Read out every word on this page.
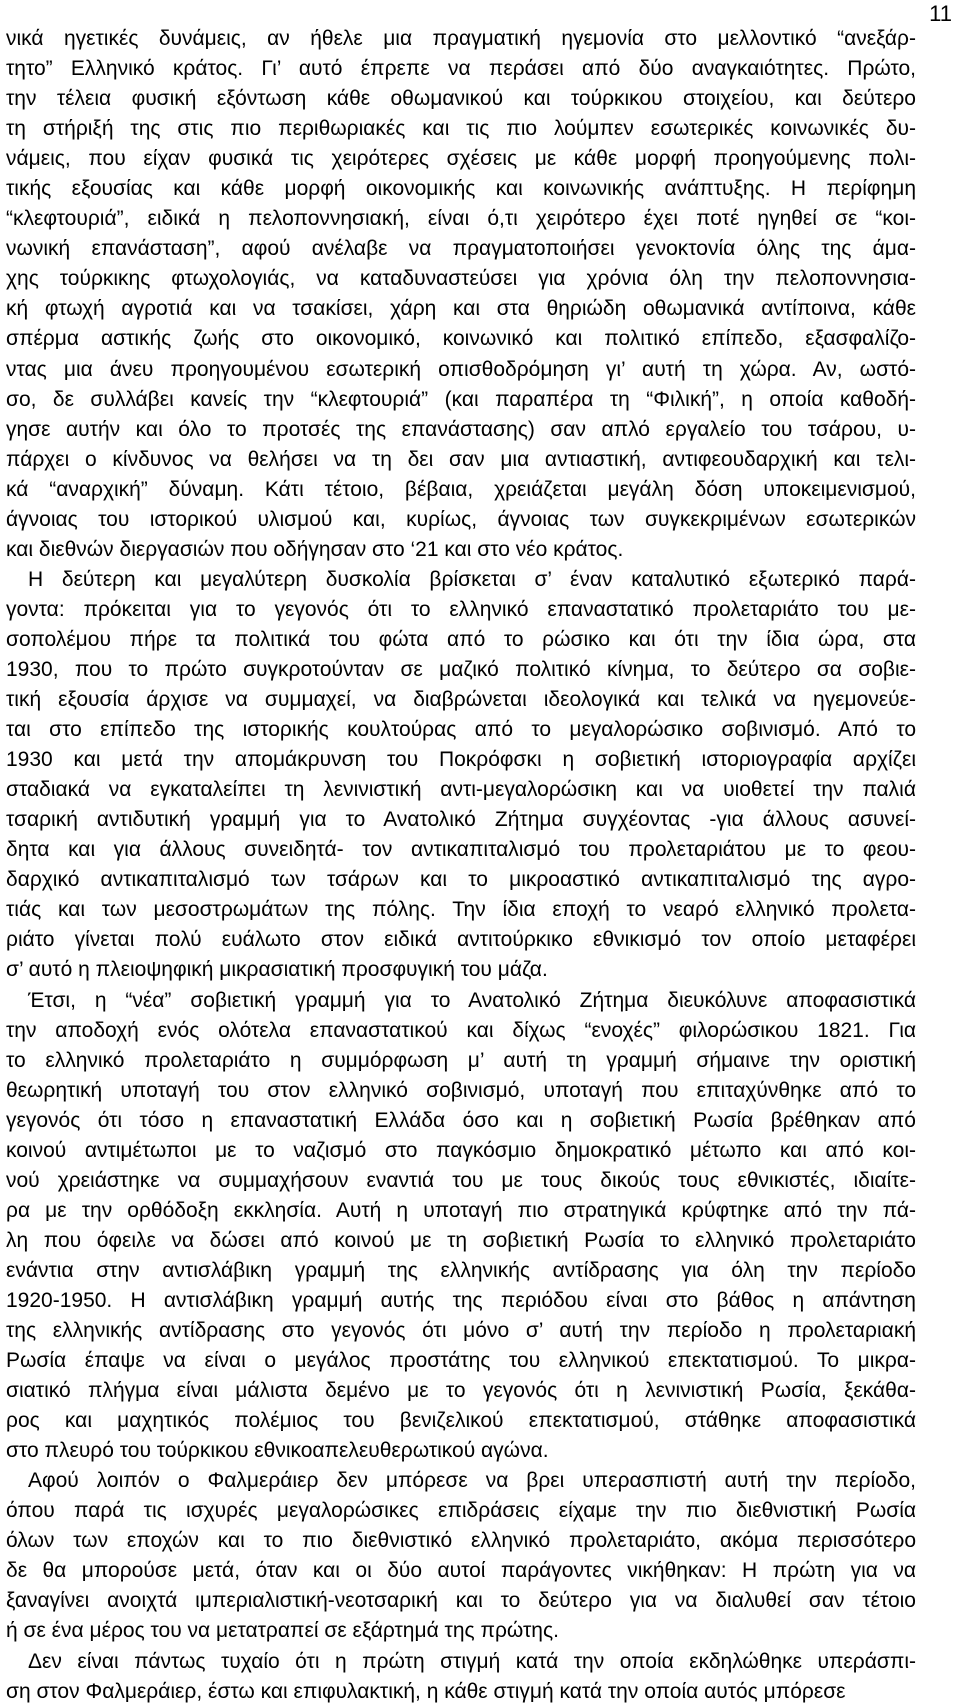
11

νικά ηγετικές δυνάμεις, αν ήθελε μια πραγματική ηγεμονία στο μελλοντικό “ανεξάρ-

τητο” Ελληνικό κράτος. Γι’ αυτό έπρεπε να περάσει από δύο αναγκαιότητες. Πρώτο,

την τέλεια φυσική εξόντωση κάθε οθωμανικού και τούρκικου στοιχείου, και δεύτερο

τη στήριξή της στις πιο περιθωριακές και τις πιο λούμπεν εσωτερικές κοινωνικές δυ-

νάμεις, που είχαν φυσικά τις χειρότερες σχέσεις με κάθε μορφή προηγούμενης πολι-

τικής εξουσίας και κάθε μορφή οικονομικής και κοινωνικής ανάπτυξης. Η περίφημη

“κλεφτουριά”, ειδικά η πελοποννησιακή, είναι ό,τι χειρότερο έχει ποτέ ηγηθεί σε “κοι-

νωνική επανάσταση”, αφού ανέλαβε να πραγματοποιήσει γενοκτονία όλης της άμα-

χης τούρκικης φτωχολογιάς, να καταδυναστεύσει για χρόνια όλη την πελοποννησια-

κή φτωχή αγροτιά και να τσακίσει, χάρη και στα θηριώδη οθωμανικά αντίποινα, κάθε

σπέρμα αστικής ζωής στο οικονομικό, κοινωνικό και πολιτικό επίπεδο, εξασφαλίζο-

ντας μια άνευ προηγουμένου εσωτερική οπισθοδρόμηση γι’ αυτή τη χώρα. Αν, ωστό-

σο, δε συλλάβει κανείς την “κλεφτουριά” (και παραπέρα τη “Φιλική”, η οποία καθοδή-

γησε αυτήν και όλο το προτσές της επανάστασης) σαν απλό εργαλείο του τσάρου, υ-

πάρχει ο κίνδυνος να θελήσει να τη δει σαν μια αντιαστική, αντιφεουδαρχική και τελι-

κά “αναρχική” δύναμη. Κάτι τέτοιο, βέβαια, χρειάζεται μεγάλη δόση υποκειμενισμού,

άγνοιας του ιστορικού υλισμού και, κυρίως, άγνοιας των συγκεκριμένων εσωτερικών

και διεθνών διεργασιών που οδήγησαν στο ‘21 και στο νέο κράτος.

Η δεύτερη και μεγαλύτερη δυσκολία βρίσκεται σ’ έναν καταλυτικό εξωτερικό παρά-

γοντα: πρόκειται για το γεγονός ότι το ελληνικό επαναστατικό προλεταριάτο του με-

σοπολέμου πήρε τα πολιτικά του φώτα από το ρώσικο και ότι την ίδια ώρα, στα

1930, που το πρώτο συγκροτούνταν σε μαζικό πολιτικό κίνημα, το δεύτερο σα σοβιε-

τική εξουσία άρχισε να συμμαχεί, να διαβρώνεται ιδεολογικά και τελικά να ηγεμονεύε-

ται στο επίπεδο της ιστορικής κουλτούρας από το μεγαλορώσικο σοβινισμό. Από το

1930 και μετά την απομάκρυνση του Ποκρόφσκι η σοβιετική ιστοριογραφία αρχίζει

σταδιακά να εγκαταλείπει τη λενινιστική αντι-μεγαλορώσικη και να υιοθετεί την παλιά

τσαρική αντιδυτική γραμμή για το Ανατολικό Ζήτημα συγχέοντας -για άλλους ασυνεί-

δητα και για άλλους συνειδητά- τον αντικαπιταλισμό του προλεταριάτου με το φεου-

δαρχικό αντικαπιταλισμό των τσάρων και το μικροαστικό αντικαπιταλισμό της αγρο-

τιάς και των μεσοστρωμάτων της πόλης. Την ίδια εποχή το νεαρό ελληνικό προλετα-

ριάτο γίνεται πολύ ευάλωτο στον ειδικά αντιτούρκικο εθνικισμό τον οποίο μεταφέρει

σ’ αυτό η πλειοψηφική μικρασιατική προσφυγική του μάζα.

Έτσι, η “νέα” σοβιετική γραμμή για το Ανατολικό Ζήτημα διευκόλυνε αποφασιστικά

την αποδοχή ενός ολότελα επαναστατικού και δίχως “ενοχές” φιλορώσικου 1821. Για

το ελληνικό προλεταριάτο η συμμόρφωση μ’ αυτή τη γραμμή σήμαινε την οριστική

θεωρητική υποταγή του στον ελληνικό σοβινισμό, υποταγή που επιταχύνθηκε από το

γεγονός ότι τόσο η επαναστατική Ελλάδα όσο και η σοβιετική Ρωσία βρέθηκαν από

κοινού αντιμέτωποι με το ναζισμό στο παγκόσμιο δημοκρατικό μέτωπο και από κοι-

νού χρειάστηκε να συμμαχήσουν εναντιά του με τους δικούς τους εθνικιστές, ιδιαίτε-

ρα με την ορθόδοξη εκκλησία. Αυτή η υποταγή πιο στρατηγικά κρύφτηκε από την πά-

λη που όφειλε να δώσει από κοινού με τη σοβιετική Ρωσία το ελληνικό προλεταριάτο

ενάντια στην αντισλάβικη γραμμή της ελληνικής αντίδρασης για όλη την περίοδο

1920-1950. Η αντισλάβικη γραμμή αυτής της περιόδου είναι στο βάθος η απάντηση

της ελληνικής αντίδρασης στο γεγονός ότι μόνο σ’ αυτή την περίοδο η προλεταριακή

Ρωσία έπαψε να είναι ο μεγάλος προστάτης του ελληνικού επεκτατισμού. Το μικρα-

σιατικό πλήγμα είναι μάλιστα δεμένο με το γεγονός ότι η λενινιστική Ρωσία, ξεκάθα-

ρος και μαχητικός πολέμιος του βενιζελικού επεκτατισμού, στάθηκε αποφασιστικά

στο πλευρό του τούρκικου εθνικοαπελευθερωτικού αγώνα.

Αφού λοιπόν ο Φαλμεράιερ δεν μπόρεσε να βρει υπερασπιστή αυτή την περίοδο,

όπου παρά τις ισχυρές μεγαλορώσικες επιδράσεις είχαμε την πιο διεθνιστική Ρωσία

όλων των εποχών και το πιο διεθνιστικό ελληνικό προλεταριάτο, ακόμα περισσότερο

δε θα μπορούσε μετά, όταν και οι δύο αυτοί παράγοντες νικήθηκαν: Η πρώτη για να

ξαναγίνει ανοιχτά ιμπεριαλιστική-νεοτσαρική και το δεύτερο για να διαλυθεί σαν τέτοιο

ή σε ένα μέρος του να μετατραπεί σε εξάρτημά της πρώτης.

Δεν είναι πάντως τυχαίο ότι η πρώτη στιγμή κατά την οποία εκδηλώθηκε υπεράσπι-

ση στον Φαλμεράιερ, έστω και επιφυλακτική, η κάθε στιγμή κατά την οποία αυτός μπόρεσε
